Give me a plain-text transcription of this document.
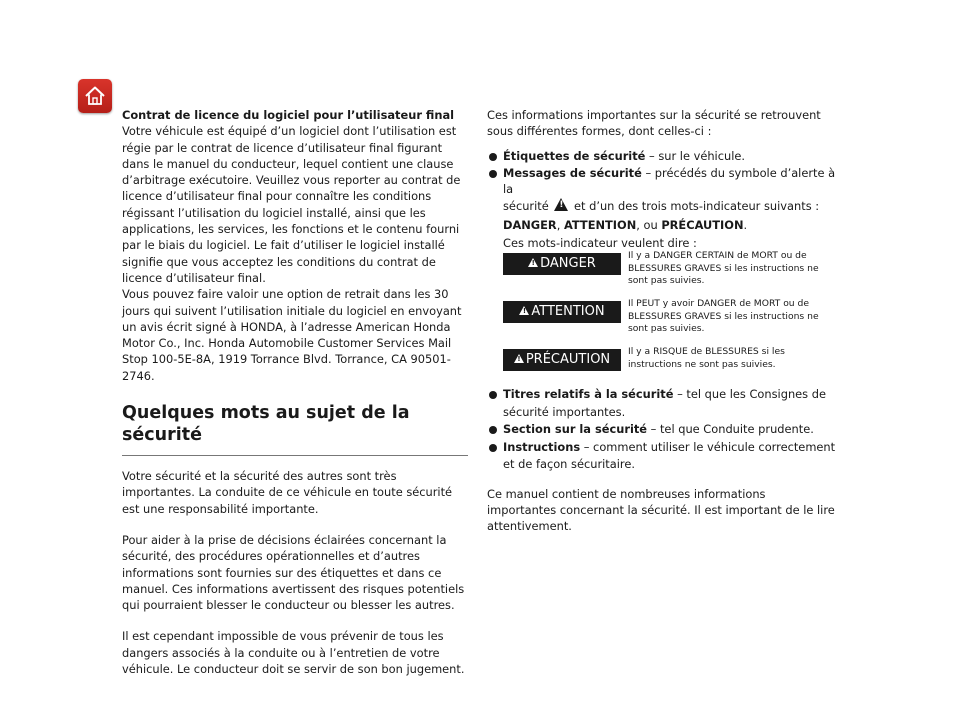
Contrat de licence du logiciel pour l’utilisateur final

Votre véhicule est équipé d’un logiciel dont l’utilisation est régie par le contrat de licence d’utilisateur final figurant dans le manuel du conducteur, lequel contient une clause d’arbitrage exécutoire. Veuillez vous reporter au contrat de licence d’utilisateur final pour connaître les conditions régissant l’utilisation du logiciel installé, ainsi que les applications, les services, les fonctions et le contenu fourni par le biais du logiciel. Le fait d’utiliser le logiciel installé signifie que vous acceptez les conditions du contrat de licence d’utilisateur final.

Vous pouvez faire valoir une option de retrait dans les 30 jours qui suivent l’utilisation initiale du logiciel en envoyant un avis écrit signé à HONDA, à l’adresse American Honda Motor Co., Inc. Honda Automobile Customer Services Mail Stop 100-5E-8A, 1919 Torrance Blvd. Torrance, CA 90501-2746.

Quelques mots au sujet de la sécurité

Votre sécurité et la sécurité des autres sont très importantes. La conduite de ce véhicule en toute sécurité est une responsabilité importante.

Pour aider à la prise de décisions éclairées concernant la sécurité, des procédures opérationnelles et d’autres informations sont fournies sur des étiquettes et dans ce manuel. Ces informations avertissent des risques potentiels qui pourraient blesser le conducteur ou blesser les autres.

Il est cependant impossible de vous prévenir de tous les dangers associés à la conduite ou à l’entretien de votre véhicule. Le conducteur doit se servir de son bon jugement.

Ces informations importantes sur la sécurité se retrouvent sous différentes formes, dont celles-ci :

Étiquettes de sécurité – sur le véhicule.

Messages de sécurité – précédés du symbole d’alerte à la

sécurité ! et d’un des trois mots-indicateur suivants :

DANGER, ATTENTION, ou PRÉCAUTION.

Ces mots-indicateur veulent dire :

!DANGER
Il y a DANGER CERTAIN de MORT ou de BLESSURES GRAVES si les instructions ne sont pas suivies.
!ATTENTION
Il PEUT y avoir DANGER de MORT ou de BLESSURES GRAVES si les instructions ne sont pas suivies.
!PRÉCAUTION
Il y a RISQUE de BLESSURES si les instructions ne sont pas suivies.

Titres relatifs à la sécurité – tel que les Consignes de sécurité importantes.

Section sur la sécurité – tel que Conduite prudente.

Instructions – comment utiliser le véhicule correctement et de façon sécuritaire.

Ce manuel contient de nombreuses informations importantes concernant la sécurité. Il est important de le lire attentivement.
